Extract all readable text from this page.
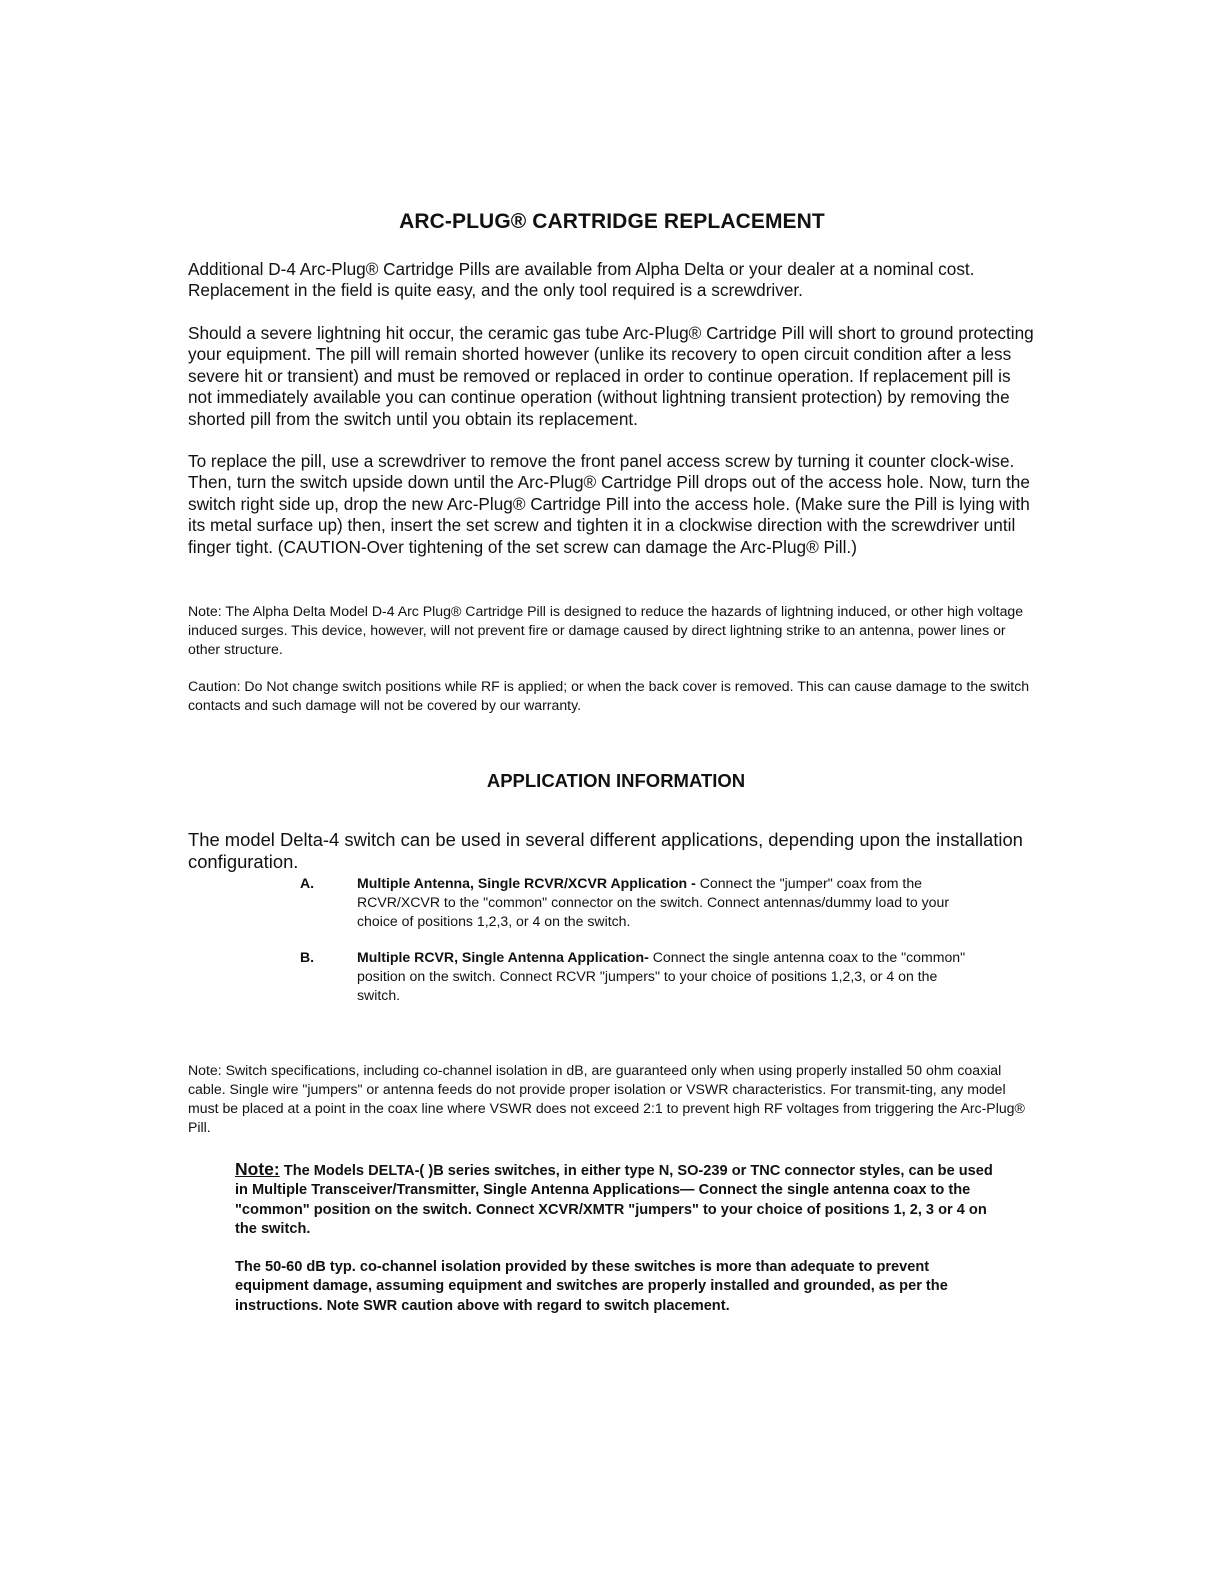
ARC-PLUG® CARTRIDGE REPLACEMENT

Additional D-4 Arc-Plug® Cartridge Pills are available from Alpha Delta or your dealer at a nominal cost. Replacement in the field is quite easy, and the only tool required is a screwdriver.

Should a severe lightning hit occur, the ceramic gas tube Arc-Plug® Cartridge Pill will short to ground protecting your equipment. The pill will remain shorted however (unlike its recovery to open circuit condition after a less severe hit or transient) and must be removed or replaced in order to continue operation. If replacement pill is not immediately available you can continue operation (without lightning transient protection) by removing the shorted pill from the switch until you obtain its replacement.

To replace the pill, use a screwdriver to remove the front panel access screw by turning it counter clock-wise. Then, turn the switch upside down until the Arc-Plug® Cartridge Pill drops out of the access hole. Now, turn the switch right side up, drop the new Arc-Plug® Cartridge Pill into the access hole. (Make sure the Pill is lying with its metal surface up) then, insert the set screw and tighten it in a clockwise direction with the screwdriver until finger tight. (CAUTION-Over tightening of the set screw can damage the Arc-Plug® Pill.)

Note: The Alpha Delta Model D-4 Arc Plug® Cartridge Pill is designed to reduce the hazards of lightning induced, or other high voltage induced surges. This device, however, will not prevent fire or damage caused by direct lightning strike to an antenna, power lines or other structure.

Caution: Do Not change switch positions while RF is applied; or when the back cover is removed. This can cause damage to the switch contacts and such damage will not be covered by our warranty.

APPLICATION INFORMATION

The model Delta-4 switch can be used in several different applications, depending upon the installation configuration.

A.	Multiple Antenna, Single RCVR/XCVR Application - Connect the "jumper" coax from the RCVR/XCVR to the "common" connector on the switch. Connect antennas/dummy load to your choice of positions 1,2,3, or 4 on the switch.
B.	Multiple RCVR, Single Antenna Application- Connect the single antenna coax to the "common" position on the switch. Connect RCVR "jumpers" to your choice of positions 1,2,3, or 4 on the switch.

Note: Switch specifications, including co-channel isolation in dB, are guaranteed only when using properly installed 50 ohm coaxial cable. Single wire "jumpers" or antenna feeds do not provide proper isolation or VSWR characteristics. For transmit-ting, any model must be placed at a point in the coax line where VSWR does not exceed 2:1 to prevent high RF voltages from triggering the Arc-Plug® Pill.

Note: The Models DELTA-( )B series switches, in either type N, SO-239 or TNC connector styles, can be used in Multiple Transceiver/Transmitter, Single Antenna Applications— Connect the single antenna coax to the "common" position on the switch. Connect XCVR/XMTR "jumpers" to your choice of positions 1, 2, 3 or 4 on the switch.

The 50-60 dB typ. co-channel isolation provided by these switches is more than adequate to prevent equipment damage, assuming equipment and switches are properly installed and grounded, as per the instructions. Note SWR caution above with regard to switch placement.
